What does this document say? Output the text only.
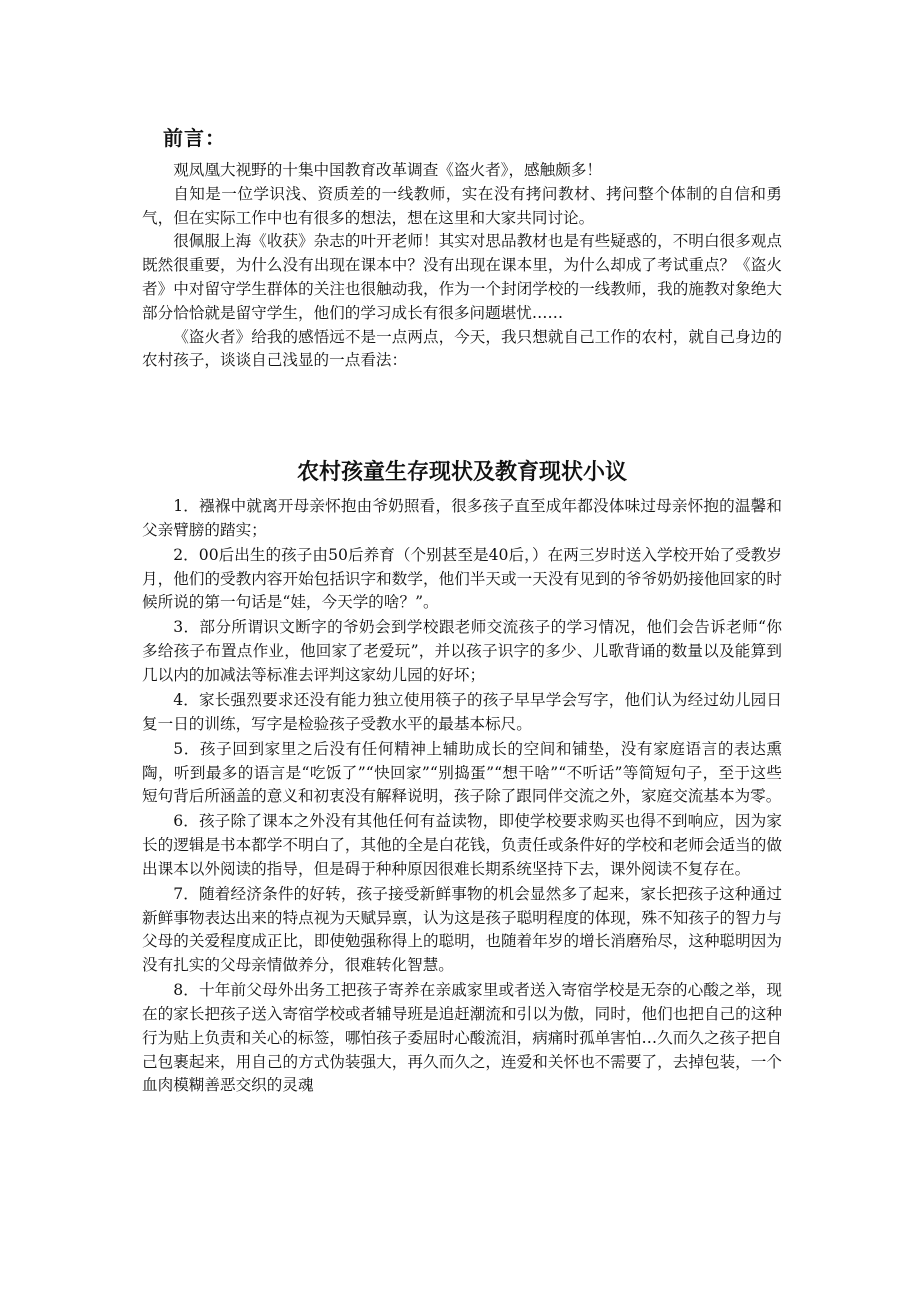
前言：

观凤凰大视野的十集中国教育改革调查《盗火者》，感触颇多！

自知是一位学识浅、资质差的一线教师，实在没有拷问教材、拷问整个体制的自信和勇气，但在实际工作中也有很多的想法，想在这里和大家共同讨论。

很佩服上海《收获》杂志的叶开老师！其实对思品教材也是有些疑惑的，不明白很多观点既然很重要，为什么没有出现在课本中？没有出现在课本里，为什么却成了考试重点？《盗火者》中对留守学生群体的关注也很触动我，作为一个封闭学校的一线教师，我的施教对象绝大部分恰恰就是留守学生，他们的学习成长有很多问题堪忧……

《盗火者》给我的感悟远不是一点两点，今天，我只想就自己工作的农村，就自己身边的农村孩子，谈谈自己浅显的一点看法：

农村孩童生存现状及教育现状小议

1．襁褓中就离开母亲怀抱由爷奶照看，很多孩子直至成年都没体味过母亲怀抱的温馨和父亲臂膀的踏实；

2．00后出生的孩子由50后养育（个别甚至是40后，）在两三岁时送入学校开始了受教岁月，他们的受教内容开始包括识字和数学，他们半天或一天没有见到的爷爷奶奶接他回家的时候所说的第一句话是“娃，今天学的啥？”。

3．部分所谓识文断字的爷奶会到学校跟老师交流孩子的学习情况，他们会告诉老师“你多给孩子布置点作业，他回家了老爱玩”，并以孩子识字的多少、儿歌背诵的数量以及能算到几以内的加减法等标准去评判这家幼儿园的好坏；

4．家长强烈要求还没有能力独立使用筷子的孩子早早学会写字，他们认为经过幼儿园日复一日的训练，写字是检验孩子受教水平的最基本标尺。

5．孩子回到家里之后没有任何精神上辅助成长的空间和铺垫，没有家庭语言的表达熏陶，听到最多的语言是“吃饭了”“快回家”“别捣蛋”“想干啥”“不听话”等简短句子，至于这些短句背后所涵盖的意义和初衷没有解释说明，孩子除了跟同伴交流之外，家庭交流基本为零。

6．孩子除了课本之外没有其他任何有益读物，即使学校要求购买也得不到响应，因为家长的逻辑是书本都学不明白了，其他的全是白花钱，负责任或条件好的学校和老师会适当的做出课本以外阅读的指导，但是碍于种种原因很难长期系统坚持下去，课外阅读不复存在。

7．随着经济条件的好转，孩子接受新鲜事物的机会显然多了起来，家长把孩子这种通过新鲜事物表达出来的特点视为天赋异禀，认为这是孩子聪明程度的体现，殊不知孩子的智力与父母的关爱程度成正比，即使勉强称得上的聪明，也随着年岁的增长消磨殆尽，这种聪明因为没有扎实的父母亲情做养分，很难转化智慧。

8．十年前父母外出务工把孩子寄养在亲戚家里或者送入寄宿学校是无奈的心酸之举，现在的家长把孩子送入寄宿学校或者辅导班是追赶潮流和引以为傲，同时，他们也把自己的这种行为贴上负责和关心的标签，哪怕孩子委屈时心酸流泪，病痛时孤单害怕…久而久之孩子把自己包裹起来，用自己的方式伪装强大，再久而久之，连爱和关怀也不需要了，去掉包装，一个血肉模糊善恶交织的灵魂
